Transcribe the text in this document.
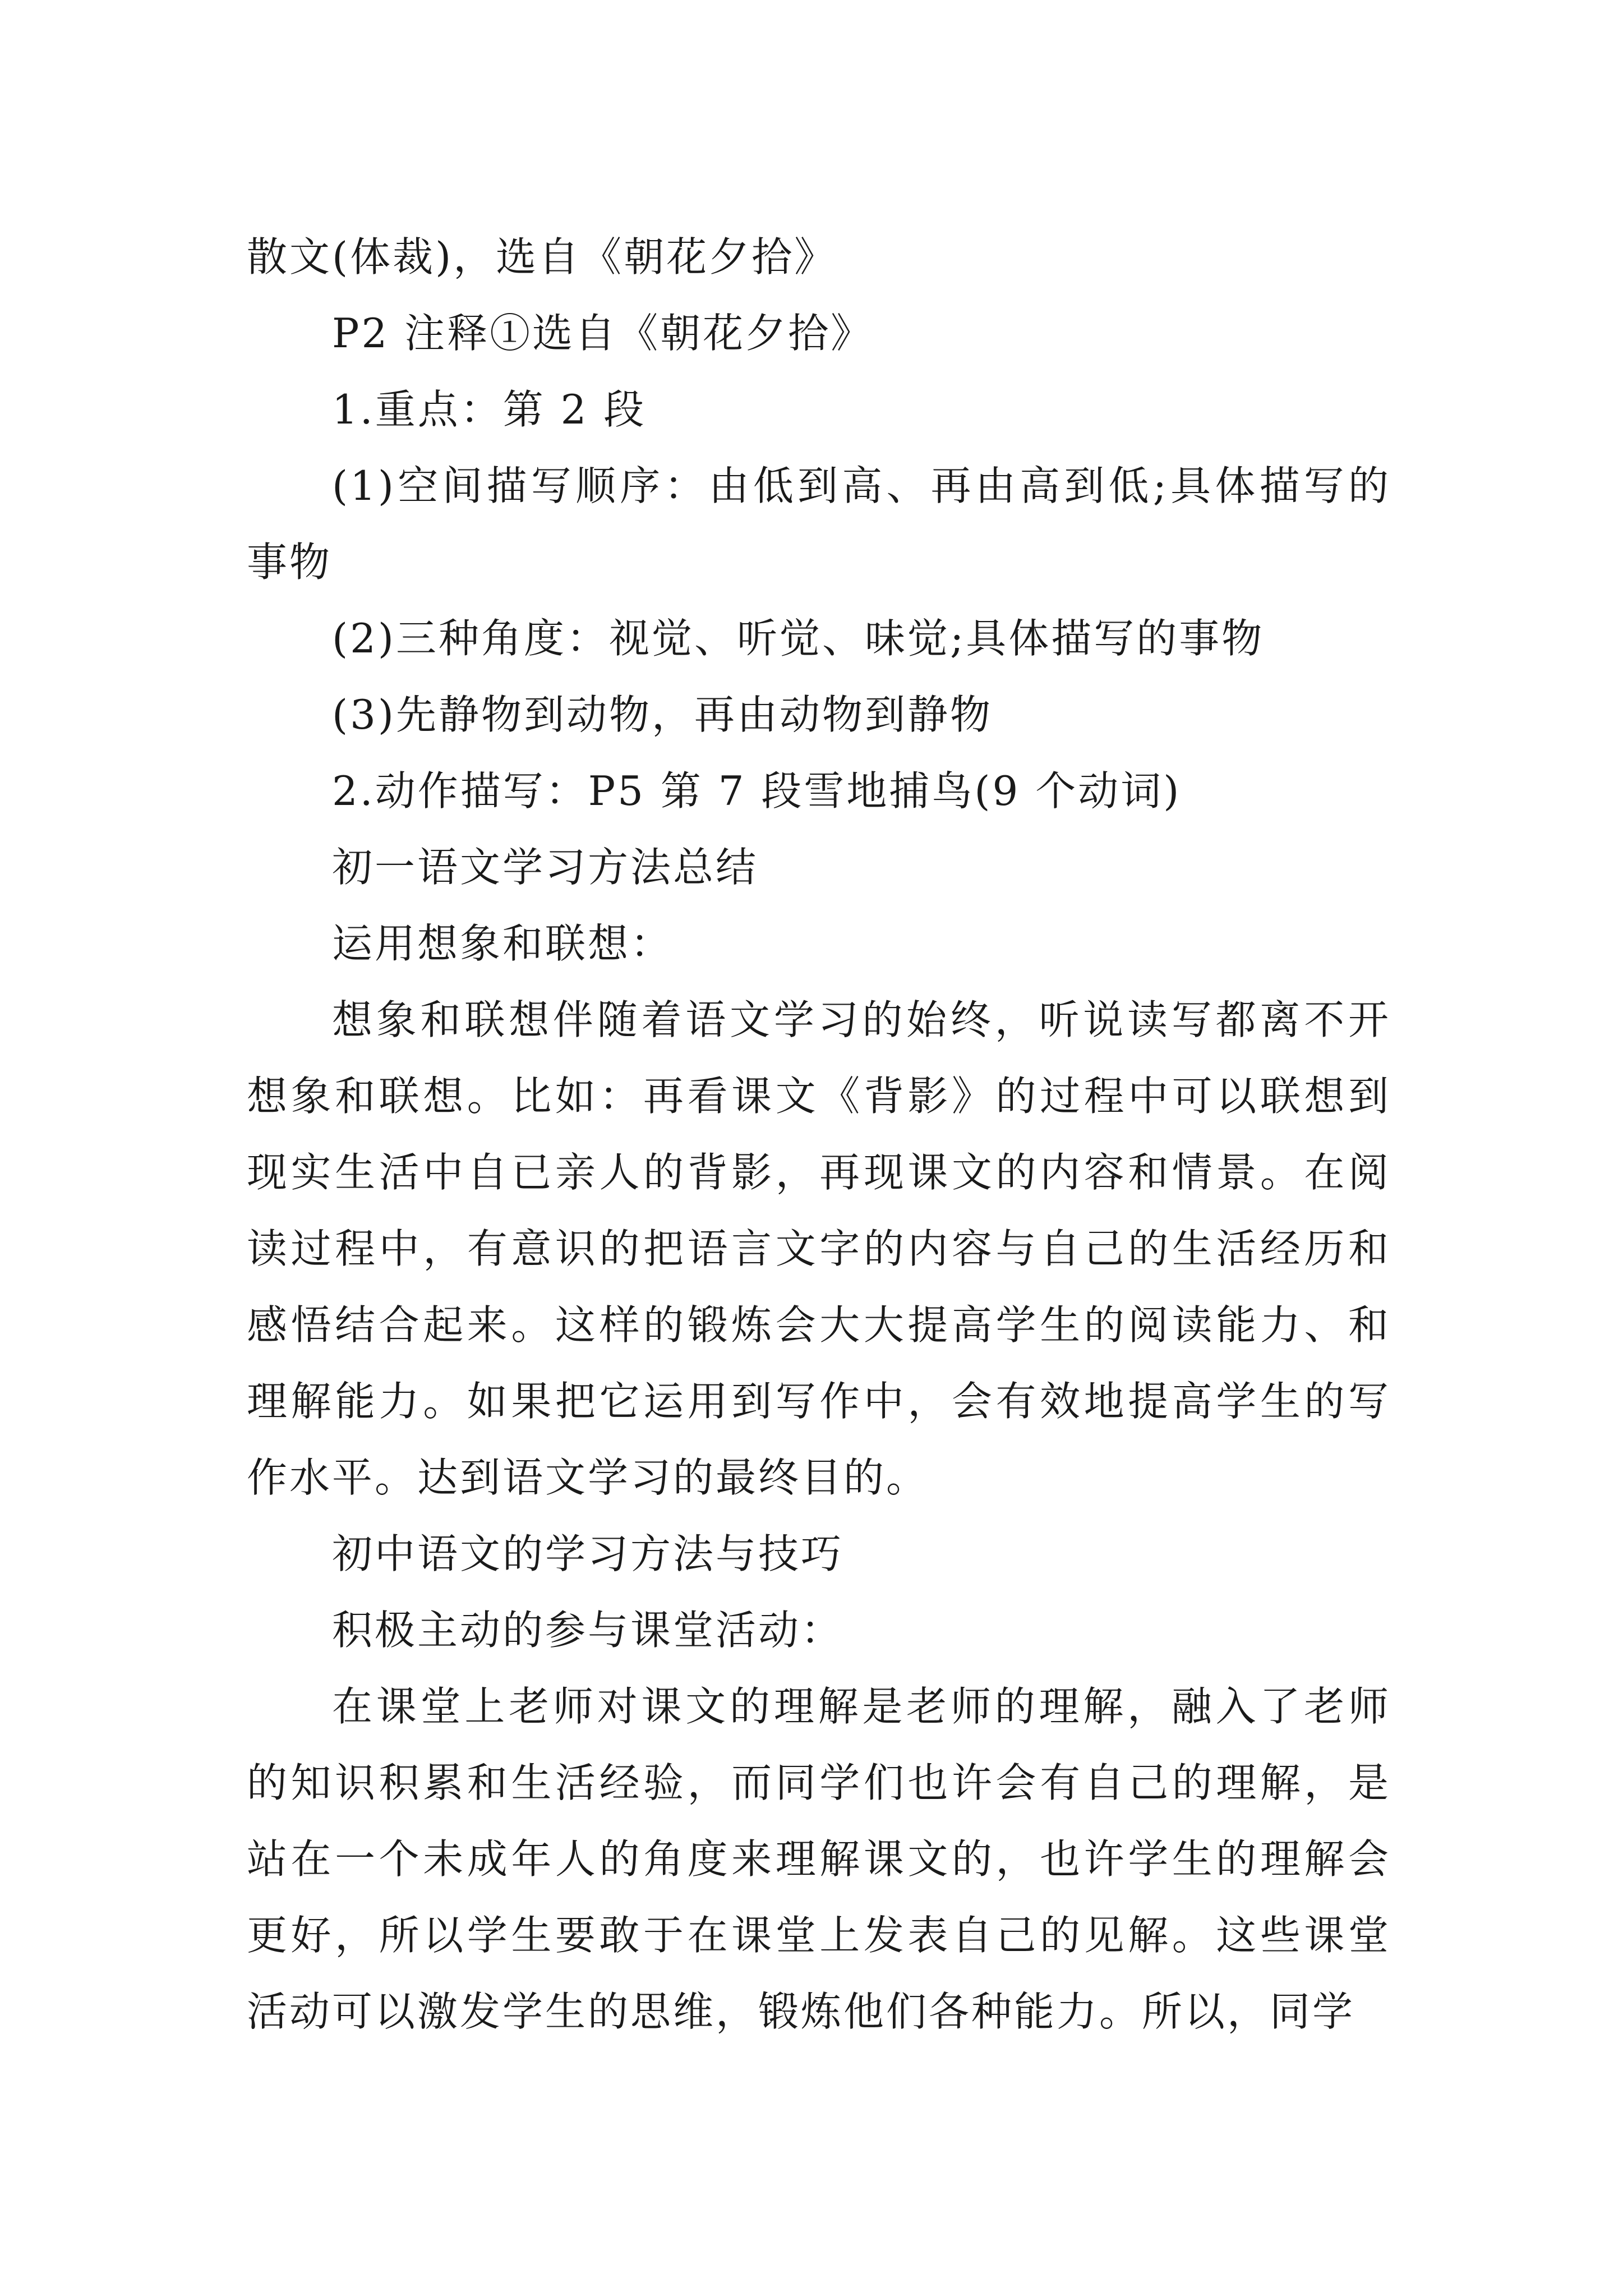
散文(体裁)，选自《朝花夕拾》
P2 注释①选自《朝花夕拾》
1.重点：第 2 段

(1)空间描写顺序：由低到高、再由高到低;具体描写的事物

(2)三种角度：视觉、听觉、味觉;具体描写的事物
(3)先静物到动物，再由动物到静物
2.动作描写：P5 第 7 段雪地捕鸟(9 个动词)
初一语文学习方法总结
运用想象和联想：

想象和联想伴随着语文学习的始终，听说读写都离不开想象和联想。比如：再看课文《背影》的过程中可以联想到现实生活中自已亲人的背影，再现课文的内容和情景。在阅读过程中，有意识的把语言文字的内容与自己的生活经历和感悟结合起来。这样的锻炼会大大提高学生的阅读能力、和理解能力。如果把它运用到写作中，会有效地提高学生的写作水平。达到语文学习的最终目的。

初中语文的学习方法与技巧
积极主动的参与课堂活动：

在课堂上老师对课文的理解是老师的理解，融入了老师的知识积累和生活经验，而同学们也许会有自己的理解，是站在一个未成年人的角度来理解课文的，也许学生的理解会更好，所以学生要敢于在课堂上发表自己的见解。这些课堂活动可以激发学生的思维，锻炼他们各种能力。所以，同学
